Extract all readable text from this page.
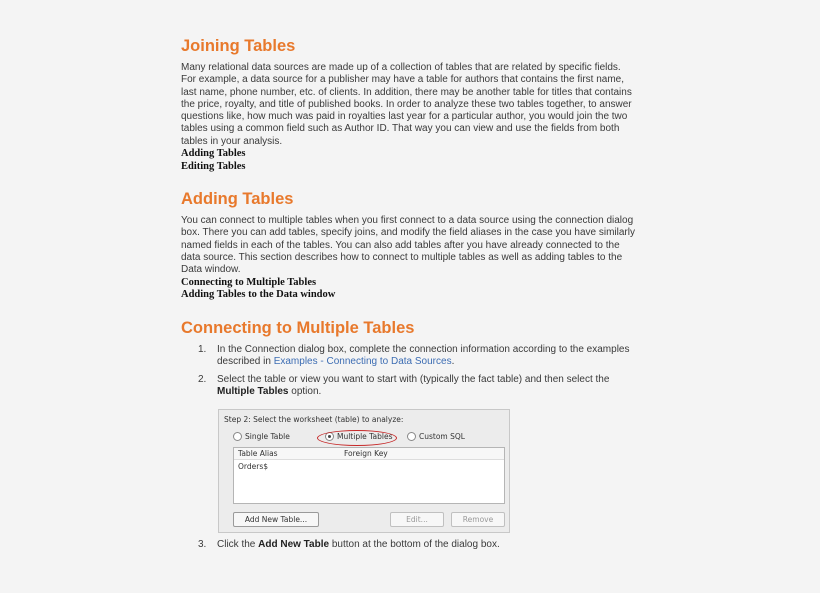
Joining Tables

Many relational data sources are made up of a collection of tables that are related by specific fields. For example, a data source for a publisher may have a table for authors that contains the first name, last name, phone number, etc. of clients. In addition, there may be another table for titles that contains the price, royalty, and title of published books. In order to analyze these two tables together, to answer questions like, how much was paid in royalties last year for a particular author, you would join the two tables using a common field such as Author ID. That way you can view and use the fields from both tables in your analysis.

Adding Tables
Editing Tables
Adding Tables

You can connect to multiple tables when you first connect to a data source using the connection dialog box. There you can add tables, specify joins, and modify the field aliases in the case you have similarly named fields in each of the tables. You can also add tables after you have already connected to the data source. This section describes how to connect to multiple tables as well as adding tables to the Data window.

Connecting to Multiple Tables
Adding Tables to the Data window
Connecting to Multiple Tables
1. In the Connection dialog box, complete the connection information according to the examples described in Examples - Connecting to Data Sources.
2. Select the table or view you want to start with (typically the fact table) and then select the Multiple Tables option.
3. Click the Add New Table button at the bottom of the dialog box.
Step 2: Select the worksheet (table) to analyze:
Single Table	Multiple Tables	Custom SQL
Table Alias	Foreign Key
Orders$
Add New Table...	Edit...	Remove
